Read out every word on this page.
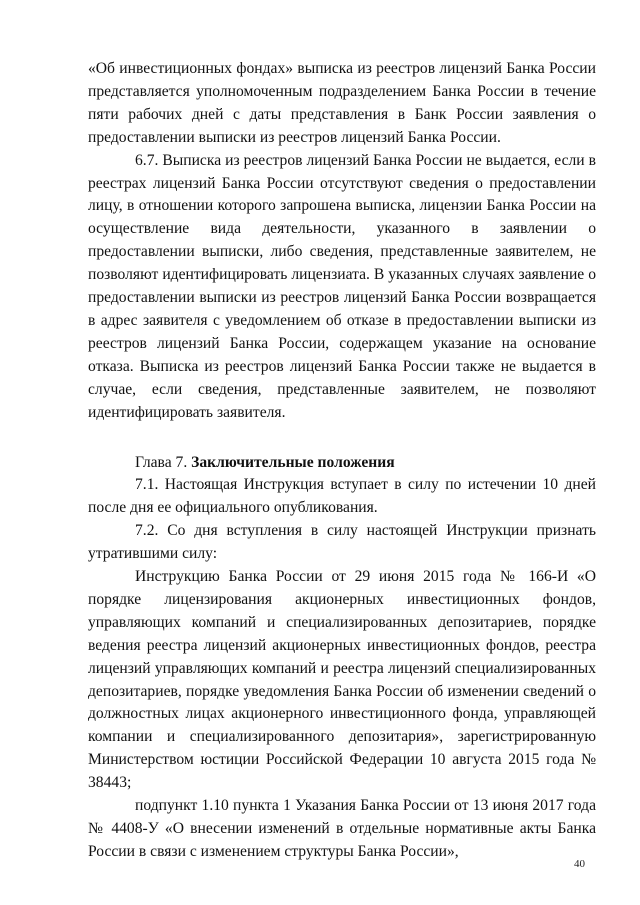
«Об инвестиционных фондах» выписка из реестров лицензий Банка России представляется уполномоченным подразделением Банка России в течение пяти рабочих дней с даты представления в Банк России заявления о предоставлении выписки из реестров лицензий Банка России.

6.7. Выписка из реестров лицензий Банка России не выдается, если в реестрах лицензий Банка России отсутствуют сведения о предоставлении лицу, в отношении которого запрошена выписка, лицензии Банка России на осуществление вида деятельности, указанного в заявлении о предоставлении выписки, либо сведения, представленные заявителем, не позволяют идентифицировать лицензиата. В указанных случаях заявление о предоставлении выписки из реестров лицензий Банка России возвращается в адрес заявителя с уведомлением об отказе в предоставлении выписки из реестров лицензий Банка России, содержащем указание на основание отказа. Выписка из реестров лицензий Банка России также не выдается в случае, если сведения, представленные заявителем, не позволяют идентифицировать заявителя.

Глава 7. Заключительные положения

7.1. Настоящая Инструкция вступает в силу по истечении 10 дней после дня ее официального опубликования.

7.2. Со дня вступления в силу настоящей Инструкции признать утратившими силу:

Инструкцию Банка России от 29 июня 2015 года № 166-И «О порядке лицензирования акционерных инвестиционных фондов, управляющих компаний и специализированных депозитариев, порядке ведения реестра лицензий акционерных инвестиционных фондов, реестра лицензий управляющих компаний и реестра лицензий специализированных депозитариев, порядке уведомления Банка России об изменении сведений о должностных лицах акционерного инвестиционного фонда, управляющей компании и специализированного депозитария», зарегистрированную Министерством юстиции Российской Федерации 10 августа 2015 года № 38443;

подпункт 1.10 пункта 1 Указания Банка России от 13 июня 2017 года № 4408-У «О внесении изменений в отдельные нормативные акты Банка России в связи с изменением структуры Банка России»,

40
